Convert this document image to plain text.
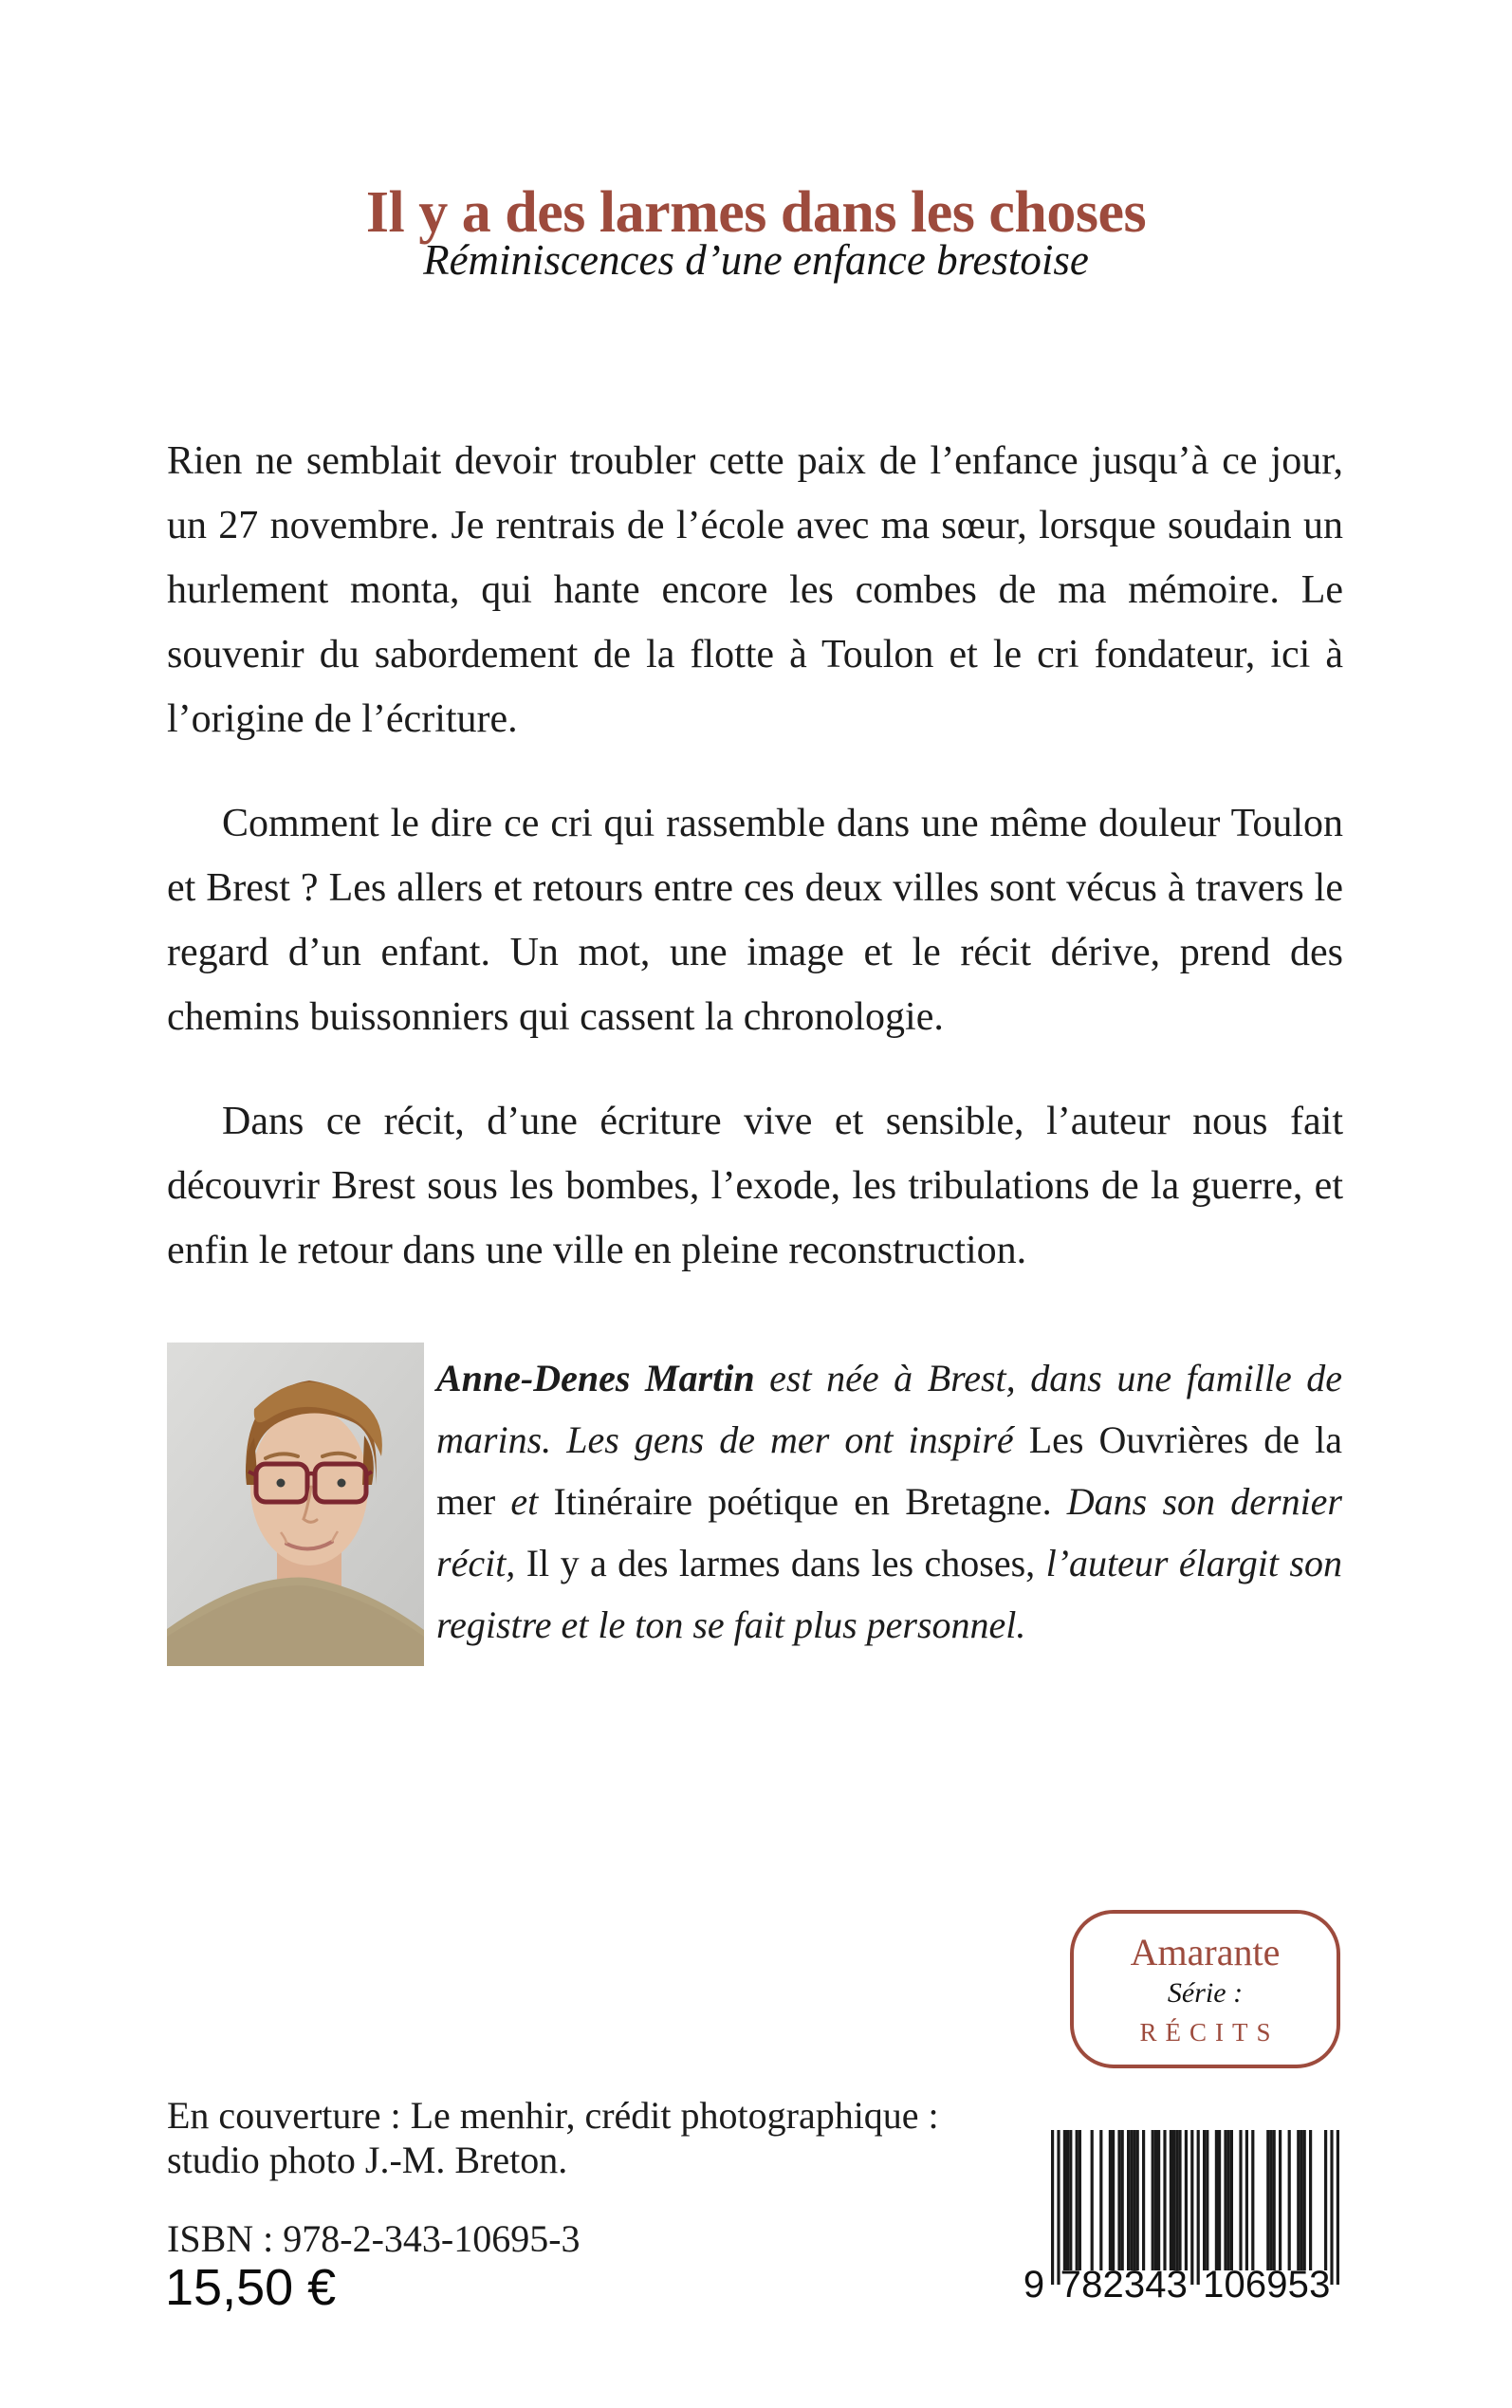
Il y a des larmes dans les choses
Réminiscences d’une enfance brestoise

Rien ne semblait devoir troubler cette paix de l’enfance jusqu’à ce jour, un 27 novembre. Je rentrais de l’école avec ma sœur, lorsque soudain un hurlement monta, qui hante encore les combes de ma mémoire. Le souvenir du sabordement de la flotte à Toulon et le cri fondateur, ici à l’origine de l’écriture.

Comment le dire ce cri qui rassemble dans une même douleur Toulon et Brest ? Les allers et retours entre ces deux villes sont vécus à travers le regard d’un enfant. Un mot, une image et le récit dérive, prend des chemins buissonniers qui cassent la chronologie.

Dans ce récit, d’une écriture vive et sensible, l’auteur nous fait découvrir Brest sous les bombes, l’exode, les tribulations de la guerre, et enfin le retour dans une ville en pleine reconstruction.

Anne-Denes Martin est née à Brest, dans une famille de marins. Les gens de mer ont inspiré Les Ouvrières de la mer et Itinéraire poétique en Bretagne. Dans son dernier récit, Il y a des larmes dans les choses, l’auteur élargit son registre et le ton se fait plus personnel.
Amarante
Série :
RÉCITS
En couverture : Le menhir, crédit photographique :
studio photo J.-M. Breton.
ISBN : 978-2-343-10695-3
15,50 €	9 7	1
8	0
2	6
3	9
4	5
3	3
